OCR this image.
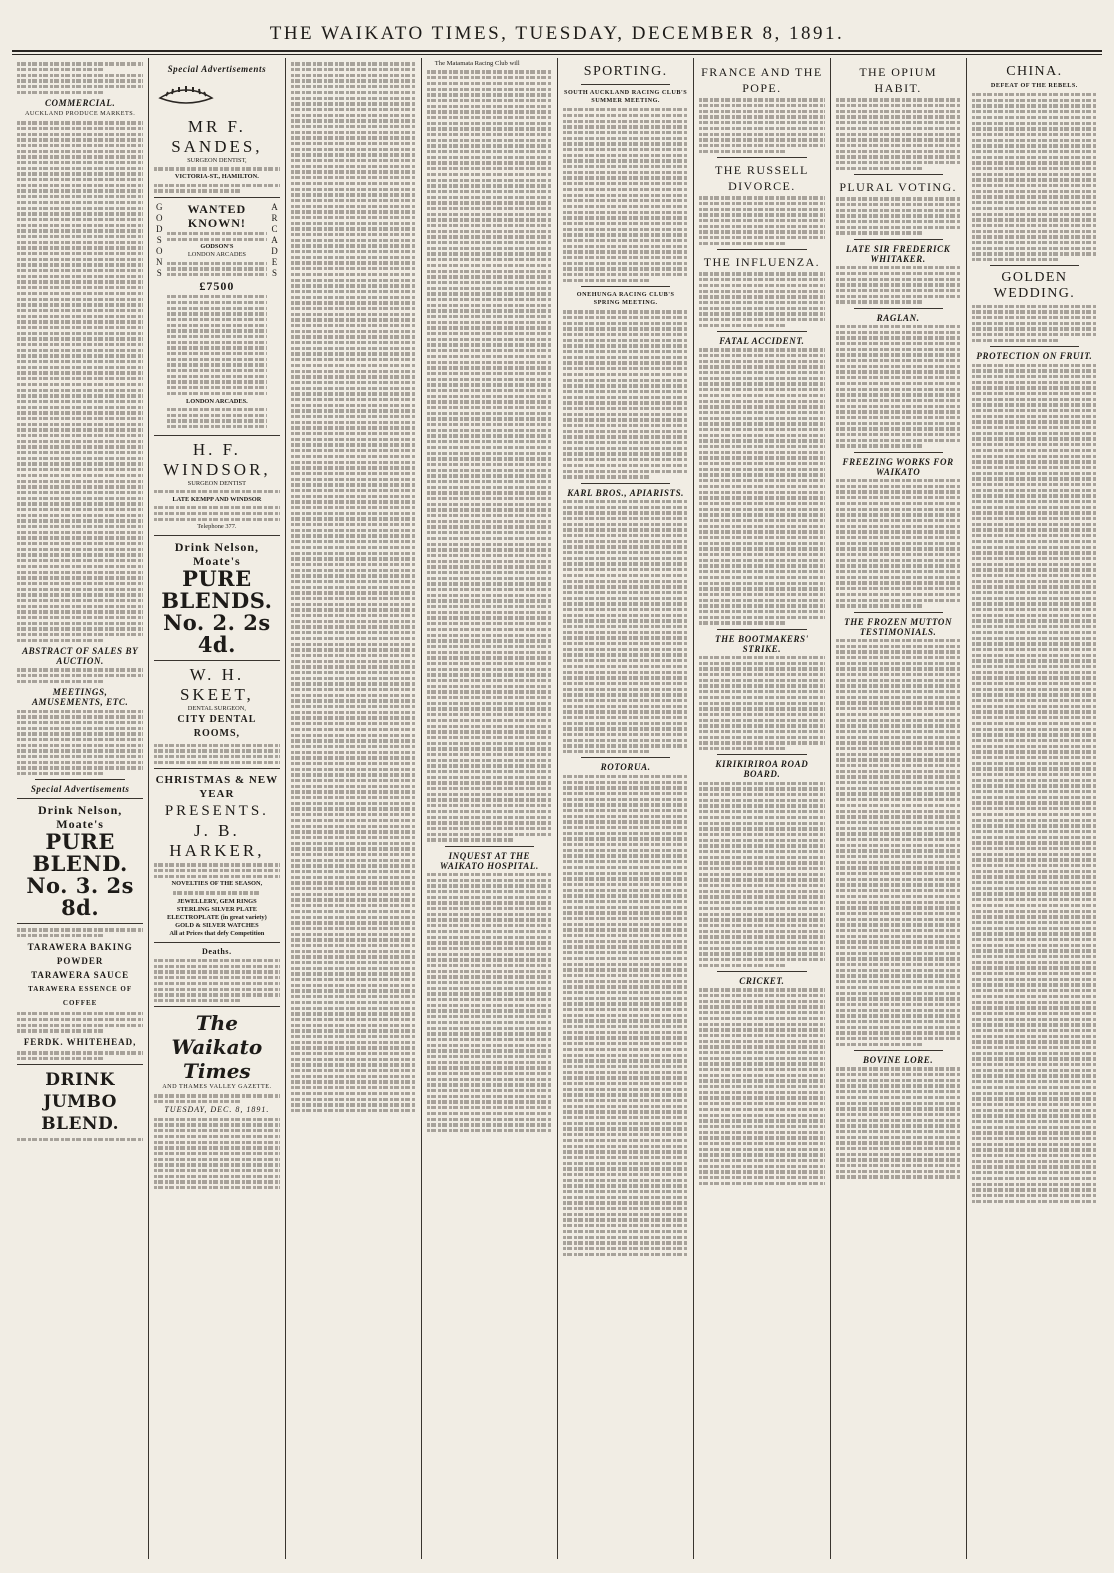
THE WAIKATO TIMES, TUESDAY, DECEMBER 8, 1891.
COMMERCIAL.
AUCKLAND PRODUCE MARKETS.
ABSTRACT OF SALES BY AUCTION.
MEETINGS, AMUSEMENTS, ETC.
Special Advertisements
Drink Nelson, Moate's
PURE BLEND.
No. 3. 2s 8d.
TARAWERA BAKING POWDER
TARAWERA SAUCE
TARAWERA ESSENCE OF COFFEE
FERDK. WHITEHEAD,
DRINK JUMBO BLEND.
Special Advertisements
MR F. SANDES,
SURGEON DENTIST,
VICTORIA-ST., HAMILTON.
G
O
D
S
O
N
S
WANTED KNOWN!
GODSON'S
LONDON ARCADES
£7500
LONDON ARCADES.
A
R
C
A
D
E
S
H. F. WINDSOR,
SURGEON DENTIST
LATE KEMPP AND WINDSOR
Telephone 377.
Drink Nelson, Moate's
PURE BLENDS.
No. 2. 2s 4d.
W. H. SKEET,
DENTAL SURGEON,
CITY DENTAL ROOMS,
CHRISTMAS & NEW YEAR
PRESENTS.
J. B. HARKER,
NOVELTIES OF THE SEASON,
JEWELLERY, GEM RINGS
STERLING SILVER PLATE
ELECTROPLATE (in great variety)
GOLD & SILVER WATCHES
All at Prices that defy Competition
Deaths.
The Waikato Times
AND THAMES VALLEY GAZETTE.
TUESDAY, DEC. 8, 1891.
The Matamata Racing Club will
INQUEST AT THE WAIKATO HOSPITAL.
SPORTING.
SOUTH AUCKLAND RACING CLUB'S SUMMER MEETING.
ONEHUNGA RACING CLUB'S SPRING MEETING.
KARL BROS., APIARISTS.
ROTORUA.
FRANCE AND THE POPE.
THE RUSSELL DIVORCE.
THE INFLUENZA.
FATAL ACCIDENT.
THE BOOTMAKERS' STRIKE.
KIRIKIRIROA ROAD BOARD.
CRICKET.
THE OPIUM HABIT.
PLURAL VOTING.
LATE SIR FREDERICK WHITAKER.
RAGLAN.
FREEZING WORKS FOR WAIKATO
THE FROZEN MUTTON TESTIMONIALS.
BOVINE LORE.
CHINA.
DEFEAT OF THE REBELS.
GOLDEN WEDDING.
PROTECTION ON FRUIT.
